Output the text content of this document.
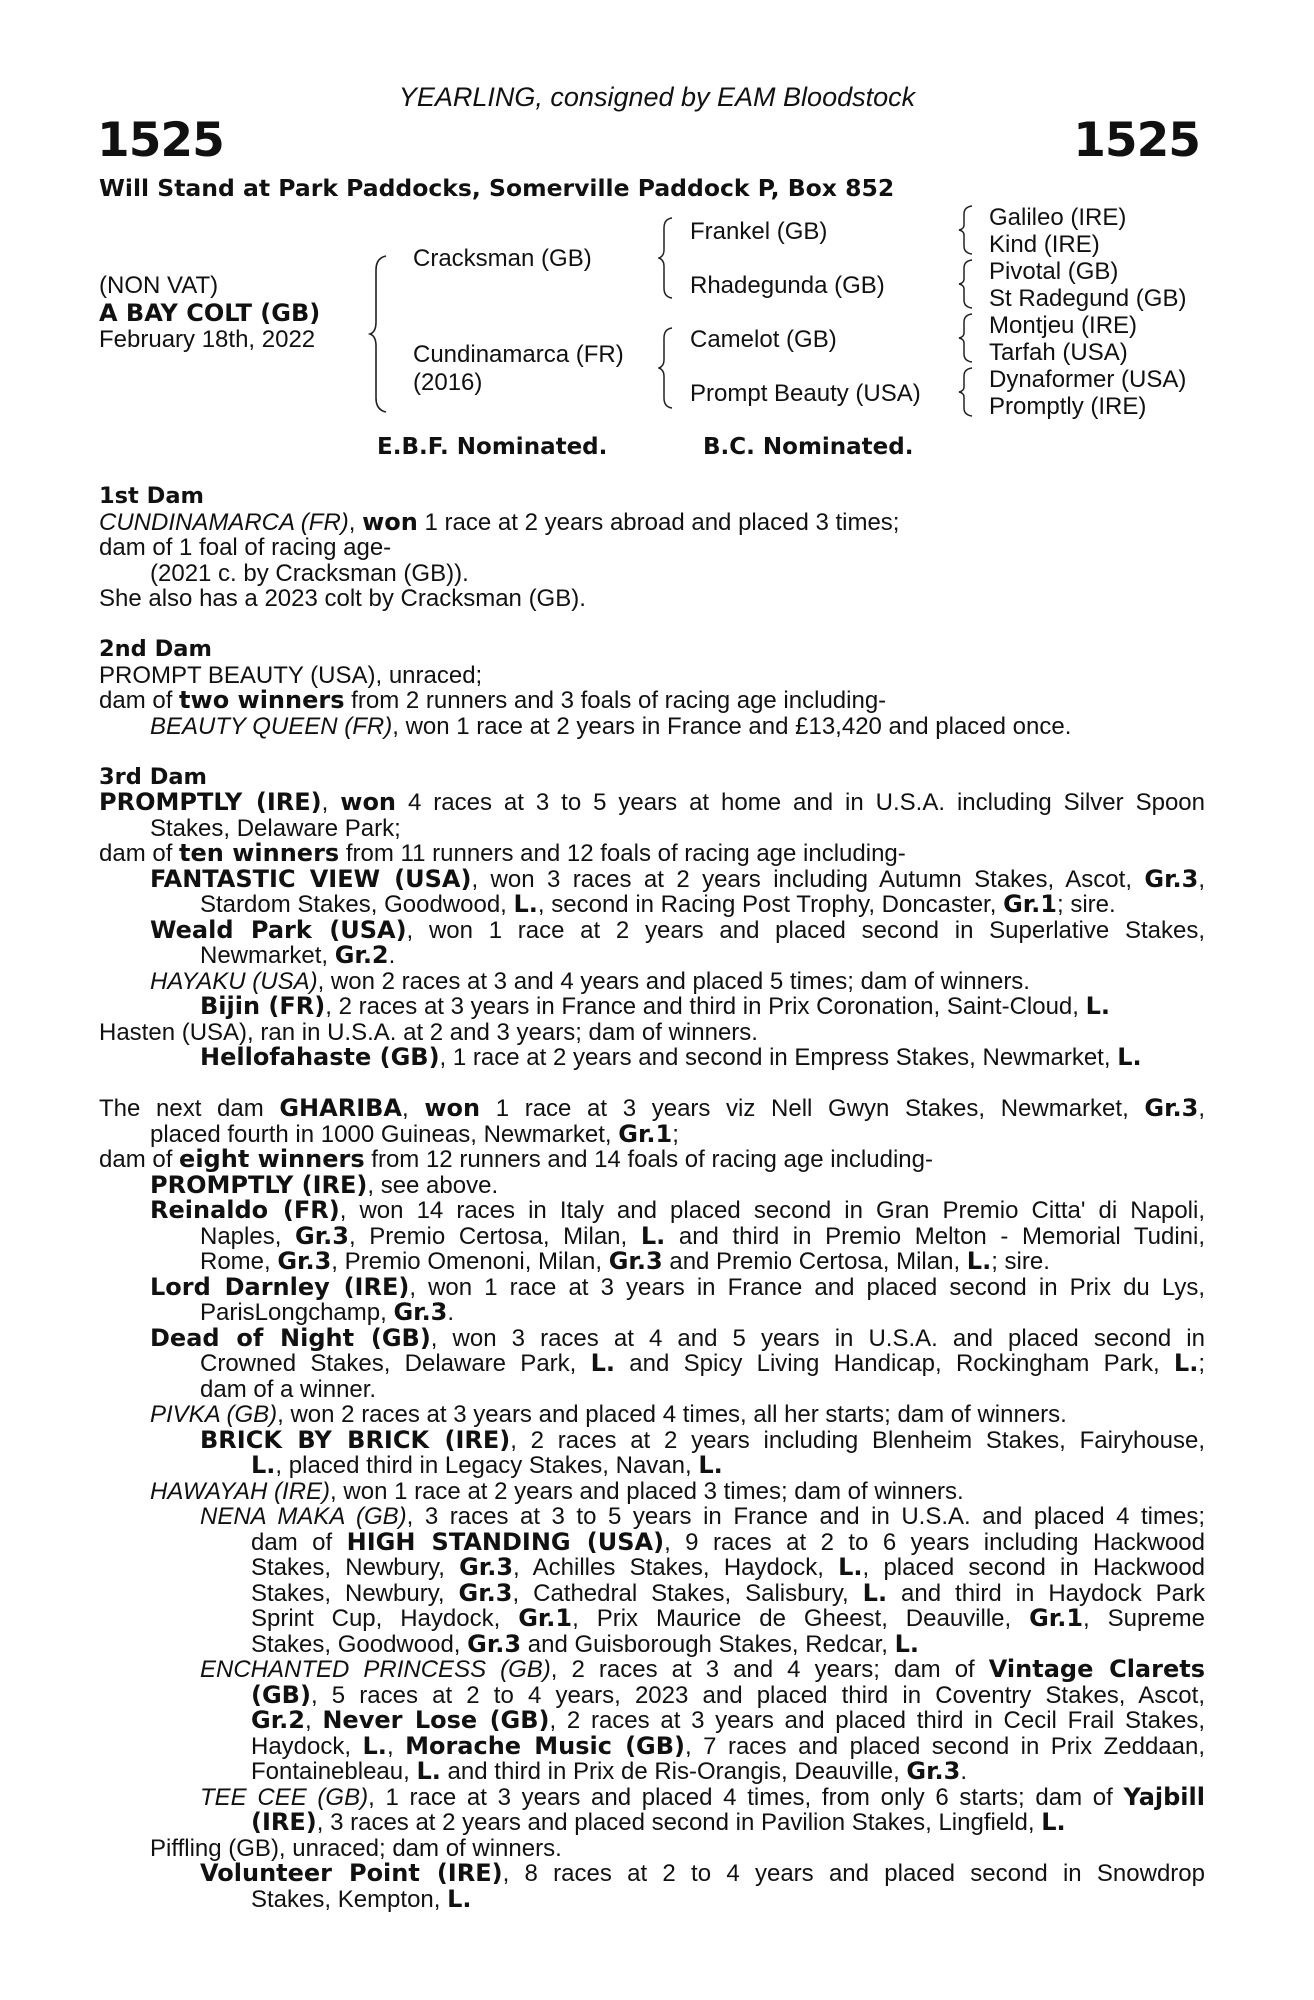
YEARLING, consigned by EAM Bloodstock
1525	1525
Will Stand at Park Paddocks, Somerville Paddock P, Box 852
(NON VAT)
A BAY COLT (GB)
February 18th, 2022
Cracksman (GB)
Cundinamarca (FR)
(2016)
Frankel (GB)
Rhadegunda (GB)
Camelot (GB)
Prompt Beauty (USA)
Galileo (IRE)
Kind (IRE)
Pivotal (GB)
St Radegund (GB)
Montjeu (IRE)
Tarfah (USA)
Dynaformer (USA)
Promptly (IRE)
E.B.F. Nominated.	B.C. Nominated.
1st Dam
CUNDINAMARCA (FR), won 1 race at 2 years abroad and placed 3 times;
dam of 1 foal of racing age-
(2021 c. by Cracksman (GB)).
She also has a 2023 colt by Cracksman (GB).
2nd Dam
PROMPT BEAUTY (USA), unraced;
dam of two winners from 2 runners and 3 foals of racing age including-
BEAUTY QUEEN (FR), won 1 race at 2 years in France and £13,420 and placed once.
3rd Dam
PROMPTLY (IRE), won 4 races at 3 to 5 years at home and in U.S.A. including Silver Spoon
Stakes, Delaware Park;
dam of ten winners from 11 runners and 12 foals of racing age including-
FANTASTIC VIEW (USA), won 3 races at 2 years including Autumn Stakes, Ascot, Gr.3,
Stardom Stakes, Goodwood, L., second in Racing Post Trophy, Doncaster, Gr.1; sire.
Weald Park (USA), won 1 race at 2 years and placed second in Superlative Stakes,
Newmarket, Gr.2.
HAYAKU (USA), won 2 races at 3 and 4 years and placed 5 times; dam of winners.
Bijin (FR), 2 races at 3 years in France and third in Prix Coronation, Saint-Cloud, L.
Hasten (USA), ran in U.S.A. at 2 and 3 years; dam of winners.
Hellofahaste (GB), 1 race at 2 years and second in Empress Stakes, Newmarket, L.
The next dam GHARIBA, won 1 race at 3 years viz Nell Gwyn Stakes, Newmarket, Gr.3,
placed fourth in 1000 Guineas, Newmarket, Gr.1;
dam of eight winners from 12 runners and 14 foals of racing age including-
PROMPTLY (IRE), see above.
Reinaldo (FR), won 14 races in Italy and placed second in Gran Premio Citta' di Napoli,
Naples, Gr.3, Premio Certosa, Milan, L. and third in Premio Melton - Memorial Tudini,
Rome, Gr.3, Premio Omenoni, Milan, Gr.3 and Premio Certosa, Milan, L.; sire.
Lord Darnley (IRE), won 1 race at 3 years in France and placed second in Prix du Lys,
ParisLongchamp, Gr.3.
Dead of Night (GB), won 3 races at 4 and 5 years in U.S.A. and placed second in
Crowned Stakes, Delaware Park, L. and Spicy Living Handicap, Rockingham Park, L.;
dam of a winner.
PIVKA (GB), won 2 races at 3 years and placed 4 times, all her starts; dam of winners.
BRICK BY BRICK (IRE), 2 races at 2 years including Blenheim Stakes, Fairyhouse,
L., placed third in Legacy Stakes, Navan, L.
HAWAYAH (IRE), won 1 race at 2 years and placed 3 times; dam of winners.
NENA MAKA (GB), 3 races at 3 to 5 years in France and in U.S.A. and placed 4 times;
dam of HIGH STANDING (USA), 9 races at 2 to 6 years including Hackwood
Stakes, Newbury, Gr.3, Achilles Stakes, Haydock, L., placed second in Hackwood
Stakes, Newbury, Gr.3, Cathedral Stakes, Salisbury, L. and third in Haydock Park
Sprint Cup, Haydock, Gr.1, Prix Maurice de Gheest, Deauville, Gr.1, Supreme
Stakes, Goodwood, Gr.3 and Guisborough Stakes, Redcar, L.
ENCHANTED PRINCESS (GB), 2 races at 3 and 4 years; dam of Vintage Clarets
(GB), 5 races at 2 to 4 years, 2023 and placed third in Coventry Stakes, Ascot,
Gr.2, Never Lose (GB), 2 races at 3 years and placed third in Cecil Frail Stakes,
Haydock, L., Morache Music (GB), 7 races and placed second in Prix Zeddaan,
Fontainebleau, L. and third in Prix de Ris-Orangis, Deauville, Gr.3.
TEE CEE (GB), 1 race at 3 years and placed 4 times, from only 6 starts; dam of Yajbill
(IRE), 3 races at 2 years and placed second in Pavilion Stakes, Lingfield, L.
Piffling (GB), unraced; dam of winners.
Volunteer Point (IRE), 8 races at 2 to 4 years and placed second in Snowdrop
Stakes, Kempton, L.
